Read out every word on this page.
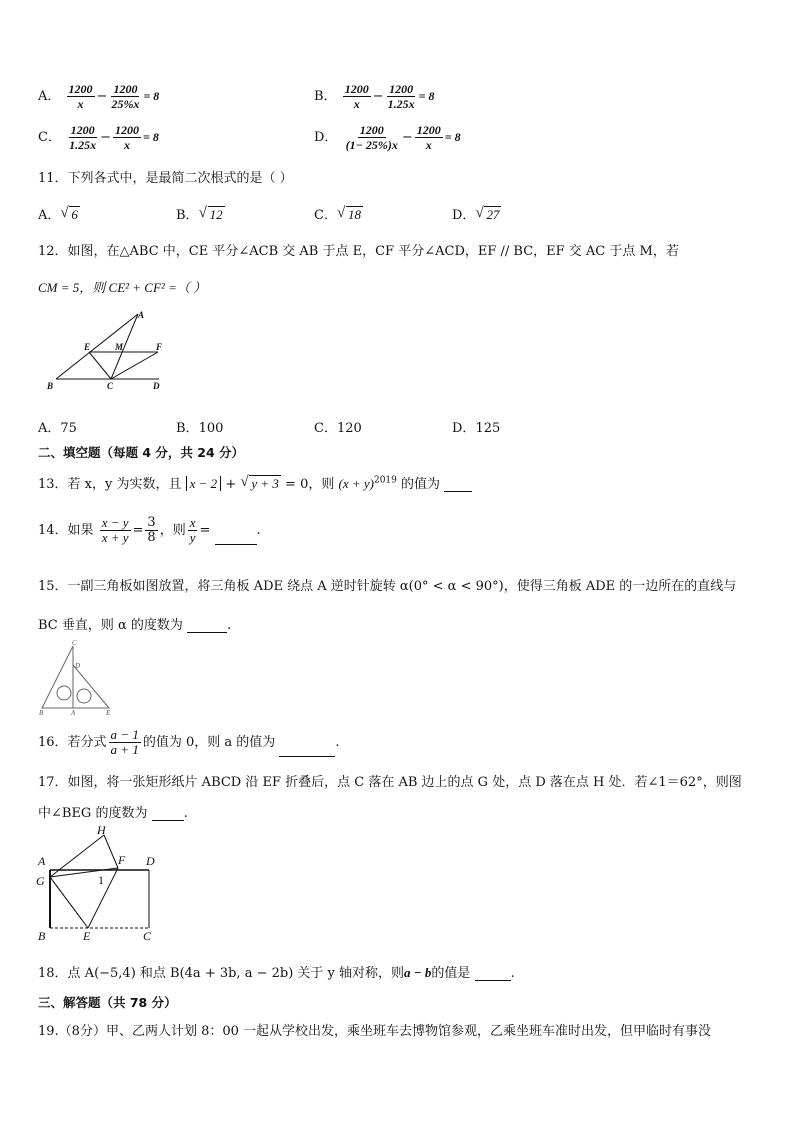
A． $\frac{1200}{x} - \frac{1200}{25\%x} = 8$	B． $\frac{1200}{x} - \frac{1200}{1.25x} = 8$
C． $\frac{1200}{1.25x} - \frac{1200}{x} = 8$	D． $\frac{1200}{(1- 25\%)x} - \frac{1200}{x} = 8$
11．下列各式中，是最简二次根式的是（ ）
A． √ 6	B． √ 12	C． √ 18	D． √ 27
12．如图，在△ABC 中，CE 平分∠ACB 交 AB 于点 E，CF 平分∠ACD，EF // BC，EF 交 AC 于点 M，若
CM = 5，则 CE² + CF² =（ ）
A
E	M	F
B	C	D
A．75	B．100	C．120	D．125
二、填空题（每题 4 分，共 24 分）
13．若 x，y 为实数，且 x − 2 + √ y + 3 = 0，则 $(x + y)^{2019}$ 的值为
14．如果 $\frac{x - y}{x + y} = \frac{3}{8}$ ，则 $\frac{x}{y}$ =	.
15．一副三角板如图放置，将三角板 ADE 绕点 A 逆时针旋转 α(0° < α < 90°)，使得三角板 ADE 的一边所在的直线与
BC 垂直，则 α 的度数为	.
C
D
B	A	E
16．若分式 $\frac{a - 1}{a + 1}$ 的值为 0，则 a 的值为	.
17．如图，将一张矩形纸片 ABCD 沿 EF 折叠后，点 C 落在 AB 边上的点 G 处，点 D 落在点 H 处．若∠1＝62°，则图
中∠BEG 的度数为	.
H
A	F D
G	1
B	E	C
18．点 A(−5,4) 和点 B(4a + 3b, a − 2b) 关于 y 轴对称，则a − b的值是	.
三、解答题（共 78 分）
19.（8分）甲、乙两人计划 8：00 一起从学校出发，乘坐班车去博物馆参观，乙乘坐班车准时出发，但甲临时有事没
